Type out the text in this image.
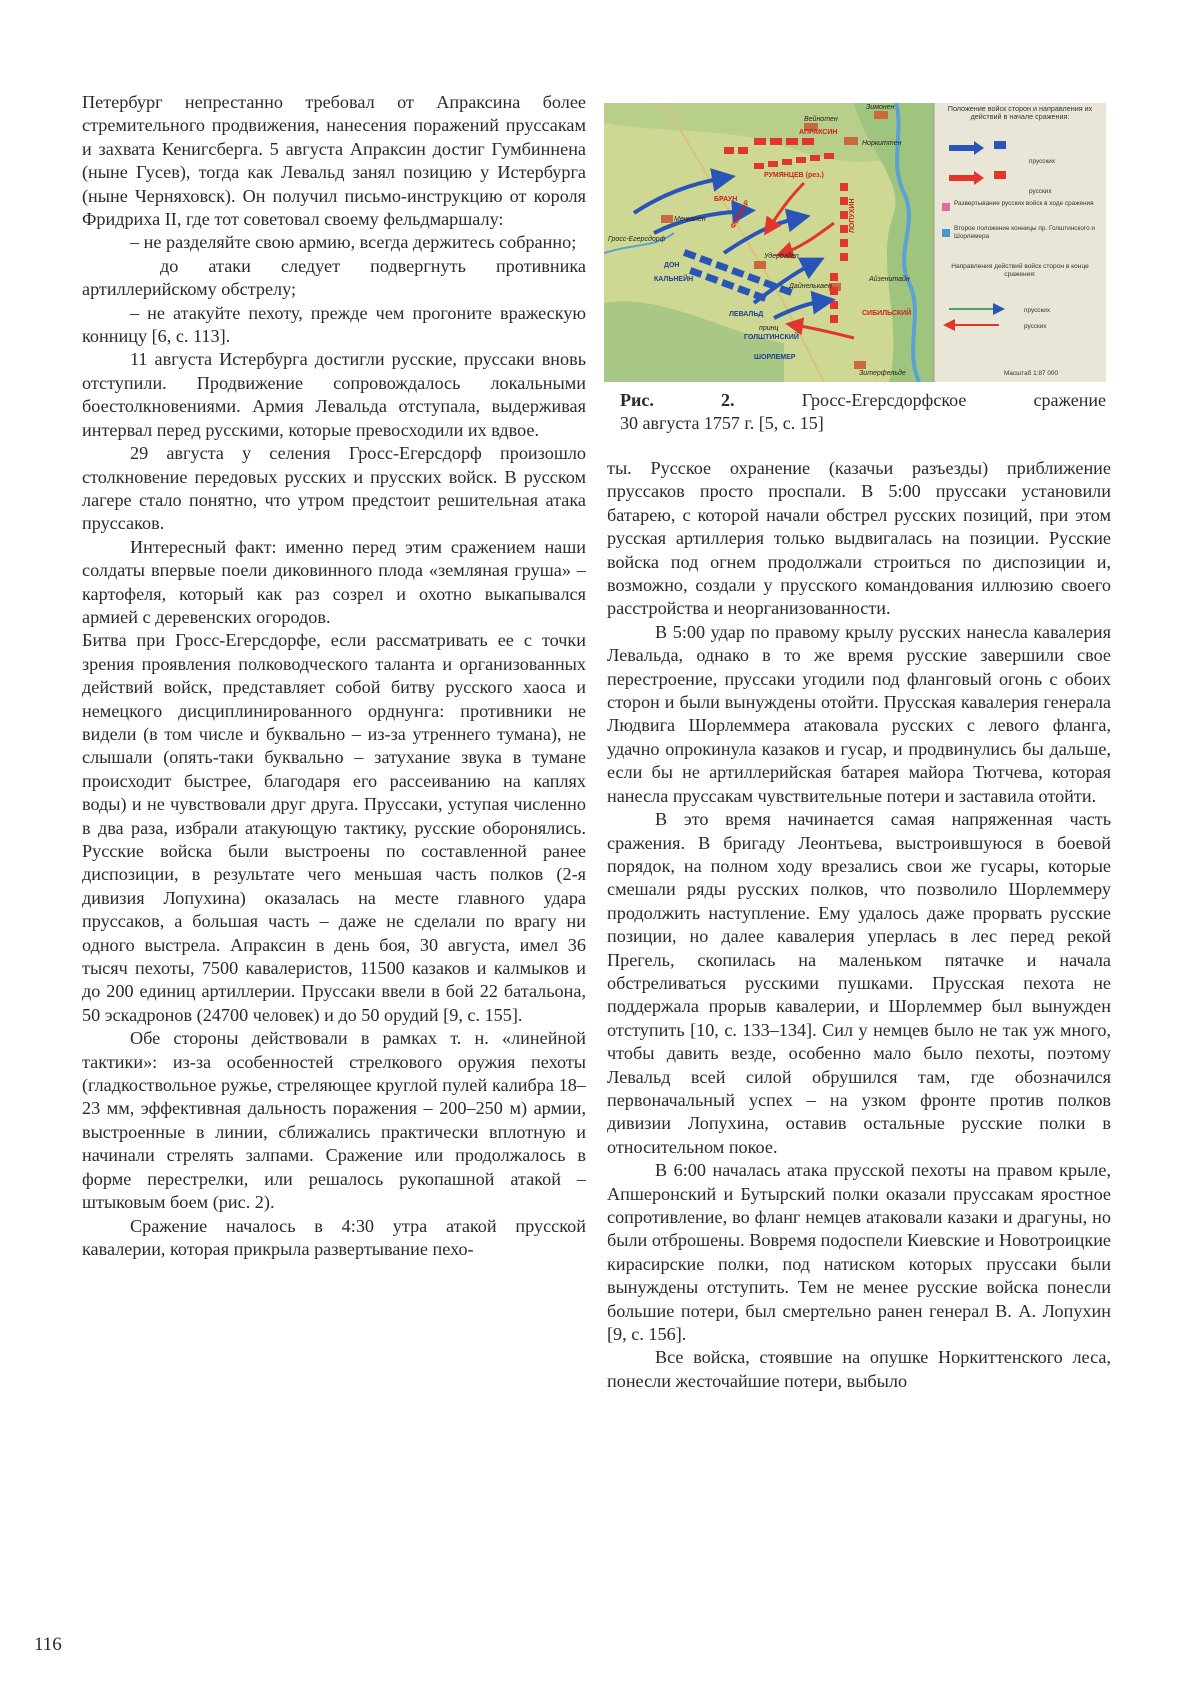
Петербург непрестанно требовал от Апраксина более стремительного продвижения, нанесения поражений пруссакам и захвата Кенигсберга. 5 августа Апраксин достиг Гумбиннена (ныне Гусев), тогда как Левальд занял позицию у Истербурга (ныне Черняховск). Он получил письмо-инструкцию от короля Фридриха II, где тот советовал своему фельдмаршалу:

– не разделяйте свою армию, всегда держитесь собранно;

до атаки следует подвергнуть противника артиллерийскому обстрелу;

– не атакуйте пехоту, прежде чем прогоните вражескую конницу [6, с. 113].

11 августа Истербурга достигли русские, пруссаки вновь отступили. Продвижение сопровождалось локальными боестолкновениями. Армия Левальда отступала, выдерживая интервал перед русскими, которые превосходили их вдвое.

29 августа у селения Гросс-Егерсдорф произошло столкновение передовых русских и прусских войск. В русском лагере стало понятно, что утром предстоит решительная атака пруссаков.

Интересный факт: именно перед этим сражением наши солдаты впервые поели диковинного плода «земляная груша» – картофеля, который как раз созрел и охотно выкапывался армией с деревенских огородов.

Битва при Гросс-Егерсдорфе, если рассматривать ее с точки зрения проявления полководческого таланта и организованных действий войск, представляет собой битву русского хаоса и немецкого дисциплинированного орднунга: противники не видели (в том числе и буквально – из-за утреннего тумана), не слышали (опять-таки буквально – затухание звука в тумане происходит быстрее, благодаря его рассеиванию на каплях воды) и не чувствовали друг друга. Пруссаки, уступая численно в два раза, избрали атакующую тактику, русские оборонялись. Русские войска были выстроены по составленной ранее диспозиции, в результате чего меньшая часть полков (2-я дивизия Лопухина) оказалась на месте главного удара пруссаков, а большая часть – даже не сделали по врагу ни одного выстрела. Апраксин в день боя, 30 августа, имел 36 тысяч пехоты, 7500 кавалеристов, 11500 казаков и калмыков и до 200 единиц артиллерии. Пруссаки ввели в бой 22 батальона, 50 эскадронов (24700 человек) и до 50 орудий [9, с. 155].

Обе стороны действовали в рамках т. н. «линейной тактики»: из-за особенностей стрелкового оружия пехоты (гладкоствольное ружье, стреляющее круглой пулей калибра 18–23 мм, эффективная дальность поражения – 200–250 м) армии, выстроенные в линии, сближались практически вплотную и начинали стрелять залпами. Сражение или продолжалось в форме перестрелки, или решалось рукопашной атакой – штыковым боем (рис. 2).

Сражение началось в 4:30 утра атакой прусской кавалерии, которая прикрыла развертывание пехо-

БРАУН
АПРАКСИН
РУМЯНЦЕВ (рез.)
ФЕРМОР	ЛОПУХИН
СИБИЛЬСКИЙ
ДОН
КАЛЬНЕЙН
ЛЕВАЛЬД
принц
ГОЛШТИНСКИЙ
ШОРЛЕМЕР
Зимонен
Вейнотен
Норкиттен
Мечкален
Гросс-Егерсдорф
Удерballen
Дайнелькаен
Айзенитайн
Зитерфельде
Положение войск сторон и направления их действий в начале сражения:
прусских
русских
Развертывание русских войск в ходе сражения
Второе положение конницы пр. Голштинского и Шорлемера
Направления действий войск сторон в конце сражения:
прусских
русских
Масштаб 1:87 000
Рис.	2.	Гросс-Егерсдорфское	сражение
30 августа 1757 г. [5, с. 15]

ты. Русское охранение (казачьи разъезды) приближение пруссаков просто проспали. В 5:00 пруссаки установили батарею, с которой начали обстрел русских позиций, при этом русская артиллерия только выдвигалась на позиции. Русские войска под огнем продолжали строиться по диспозиции и, возможно, создали у прусского командования иллюзию своего расстройства и неорганизованности.

В 5:00 удар по правому крылу русских нанесла кавалерия Левальда, однако в то же время русские завершили свое перестроение, пруссаки угодили под фланговый огонь с обоих сторон и были вынуждены отойти. Прусская кавалерия генерала Людвига Шорлеммера атаковала русских с левого фланга, удачно опрокинула казаков и гусар, и продвинулись бы дальше, если бы не артиллерийская батарея майора Тютчева, которая нанесла пруссакам чувствительные потери и заставила отойти.

В это время начинается самая напряженная часть сражения. В бригаду Леонтьева, выстроившуюся в боевой порядок, на полном ходу врезались свои же гусары, которые смешали ряды русских полков, что позволило Шорлеммеру продолжить наступление. Ему удалось даже прорвать русские позиции, но далее кавалерия уперлась в лес перед рекой Прегель, скопилась на маленьком пятачке и начала обстреливаться русскими пушками. Прусская пехота не поддержала прорыв кавалерии, и Шорлеммер был вынужден отступить [10, с. 133–134]. Сил у немцев было не так уж много, чтобы давить везде, особенно мало было пехоты, поэтому Левальд всей силой обрушился там, где обозначился первоначальный успех – на узком фронте против полков дивизии Лопухина, оставив остальные русские полки в относительном покое.

В 6:00 началась атака прусской пехоты на правом крыле, Апшеронский и Бутырский полки оказали пруссакам яростное сопротивление, во фланг немцев атаковали казаки и драгуны, но были отброшены. Вовремя подоспели Киевские и Новотроицкие кирасирские полки, под натиском которых пруссаки были вынуждены отступить. Тем не менее русские войска понесли большие потери, был смертельно ранен генерал В. А. Лопухин [9, с. 156].

Все войска, стоявшие на опушке Норкиттенского леса, понесли жесточайшие потери, выбыло

116
